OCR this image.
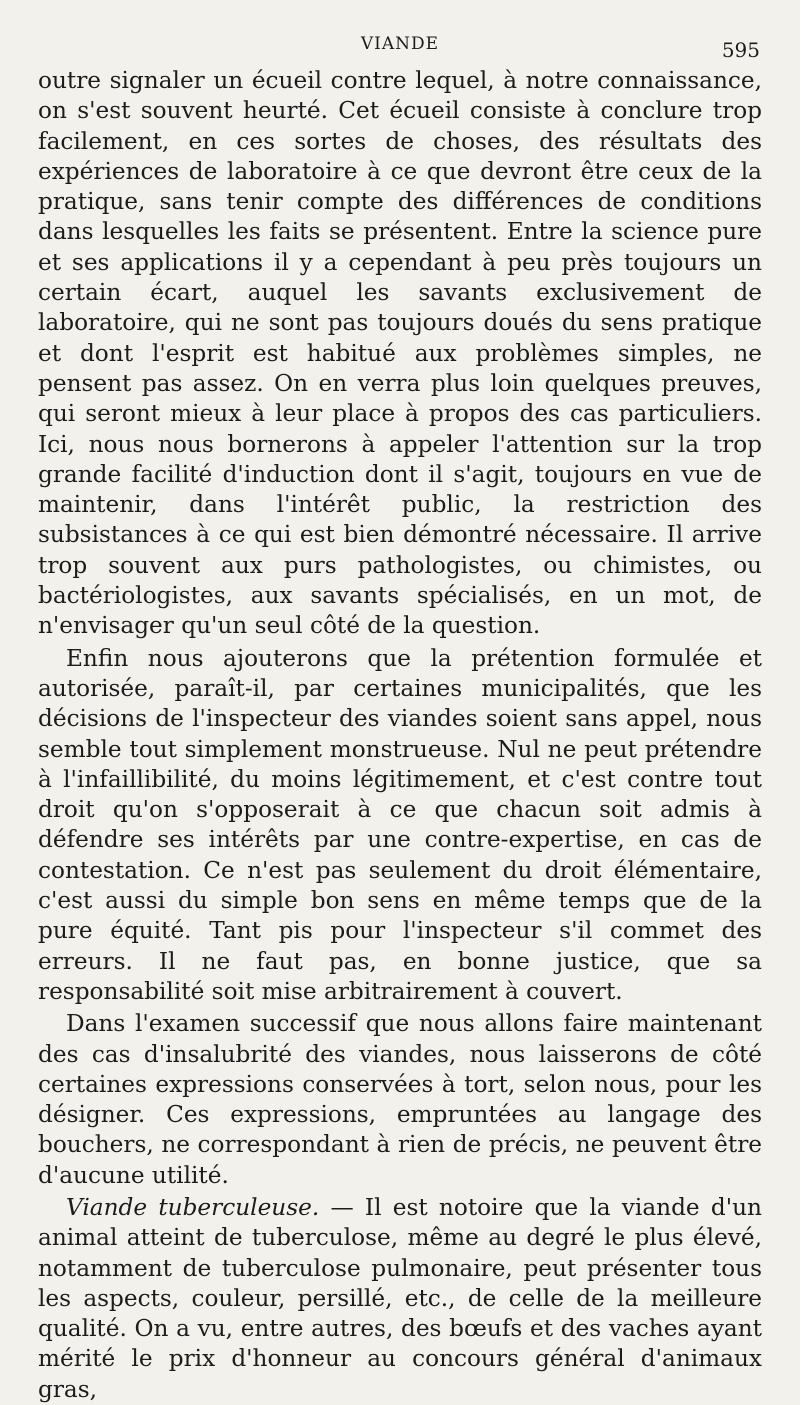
VIANDE	595

outre signaler un écueil contre lequel, à notre connaissance, on s'est souvent heurté. Cet écueil consiste à conclure trop facilement, en ces sortes de choses, des résultats des expériences de laboratoire à ce que devront être ceux de la pratique, sans tenir compte des différences de conditions dans lesquelles les faits se présentent. Entre la science pure et ses applications il y a cependant à peu près toujours un certain écart, auquel les savants exclusivement de laboratoire, qui ne sont pas toujours doués du sens pratique et dont l'esprit est habitué aux problèmes simples, ne pensent pas assez. On en verra plus loin quelques preuves, qui seront mieux à leur place à propos des cas particuliers. Ici, nous nous bornerons à appeler l'attention sur la trop grande facilité d'induction dont il s'agit, toujours en vue de maintenir, dans l'intérêt public, la restriction des subsistances à ce qui est bien démontré nécessaire. Il arrive trop souvent aux purs pathologistes, ou chimistes, ou bactériologistes, aux savants spécialisés, en un mot, de n'envisager qu'un seul côté de la question.

Enfin nous ajouterons que la prétention formulée et autorisée, paraît-il, par certaines municipalités, que les décisions de l'inspecteur des viandes soient sans appel, nous semble tout simplement monstrueuse. Nul ne peut prétendre à l'infaillibilité, du moins légitimement, et c'est contre tout droit qu'on s'opposerait à ce que chacun soit admis à défendre ses intérêts par une contre-expertise, en cas de contestation. Ce n'est pas seulement du droit élémentaire, c'est aussi du simple bon sens en même temps que de la pure équité. Tant pis pour l'inspecteur s'il commet des erreurs. Il ne faut pas, en bonne justice, que sa responsabilité soit mise arbitrairement à couvert.

Dans l'examen successif que nous allons faire maintenant des cas d'insalubrité des viandes, nous laisserons de côté certaines expressions conservées à tort, selon nous, pour les désigner. Ces expressions, empruntées au langage des bouchers, ne correspondant à rien de précis, ne peuvent être d'aucune utilité.

Viande tuberculeuse. — Il est notoire que la viande d'un animal atteint de tuberculose, même au degré le plus élevé, notamment de tuberculose pulmonaire, peut présenter tous les aspects, couleur, persillé, etc., de celle de la meilleure qualité. On a vu, entre autres, des bœufs et des vaches ayant mérité le prix d'honneur au concours général d'animaux gras,
